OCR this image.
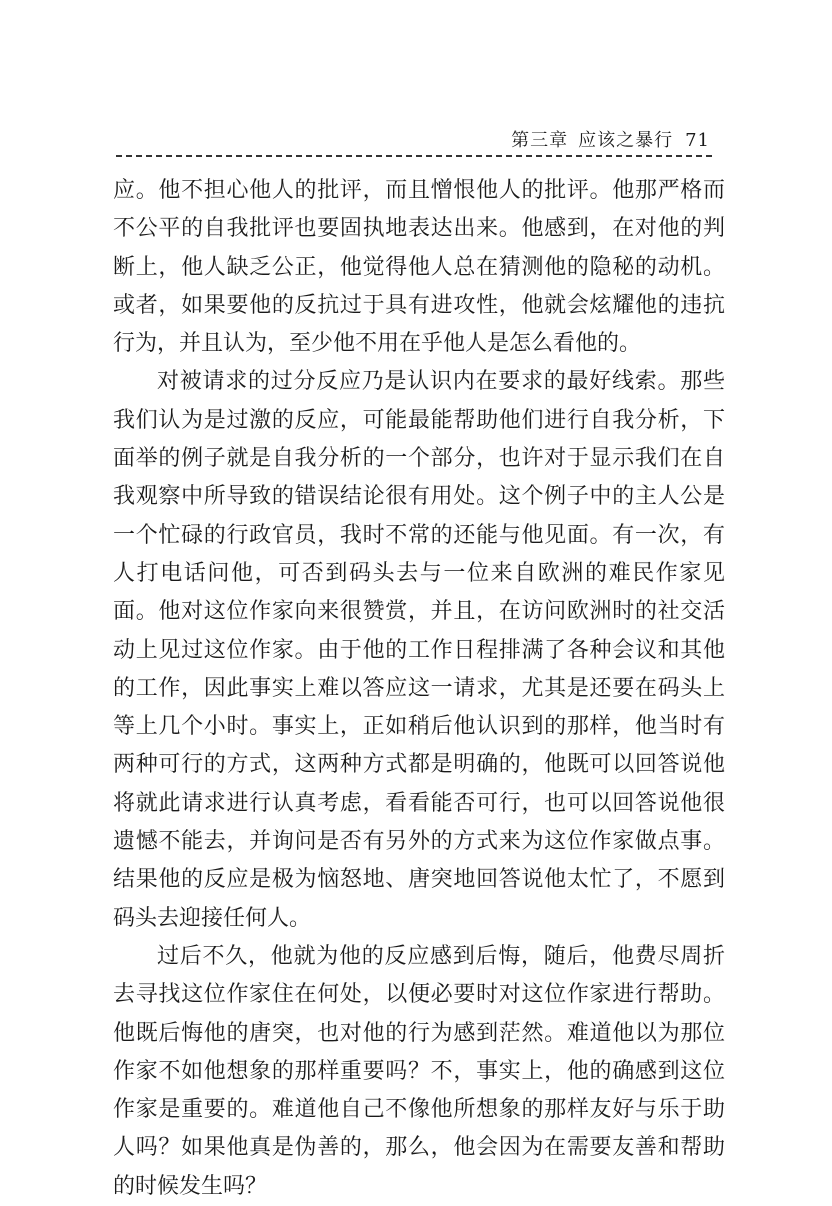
第三章 应该之暴行 71

应。他不担心他人的批评，而且憎恨他人的批评。他那严格而不公平的自我批评也要固执地表达出来。他感到，在对他的判断上，他人缺乏公正，他觉得他人总在猜测他的隐秘的动机。或者，如果要他的反抗过于具有进攻性，他就会炫耀他的违抗行为，并且认为，至少他不用在乎他人是怎么看他的。

对被请求的过分反应乃是认识内在要求的最好线索。那些我们认为是过激的反应，可能最能帮助他们进行自我分析，下面举的例子就是自我分析的一个部分，也许对于显示我们在自我观察中所导致的错误结论很有用处。这个例子中的主人公是一个忙碌的行政官员，我时不常的还能与他见面。有一次，有人打电话问他，可否到码头去与一位来自欧洲的难民作家见面。他对这位作家向来很赞赏，并且，在访问欧洲时的社交活动上见过这位作家。由于他的工作日程排满了各种会议和其他的工作，因此事实上难以答应这一请求，尤其是还要在码头上等上几个小时。事实上，正如稍后他认识到的那样，他当时有两种可行的方式，这两种方式都是明确的，他既可以回答说他将就此请求进行认真考虑，看看能否可行，也可以回答说他很遗憾不能去，并询问是否有另外的方式来为这位作家做点事。结果他的反应是极为恼怒地、唐突地回答说他太忙了，不愿到码头去迎接任何人。

过后不久，他就为他的反应感到后悔，随后，他费尽周折去寻找这位作家住在何处，以便必要时对这位作家进行帮助。他既后悔他的唐突，也对他的行为感到茫然。难道他以为那位作家不如他想象的那样重要吗？不，事实上，他的确感到这位作家是重要的。难道他自己不像他所想象的那样友好与乐于助人吗？如果他真是伪善的，那么，他会因为在需要友善和帮助的时候发生吗？
